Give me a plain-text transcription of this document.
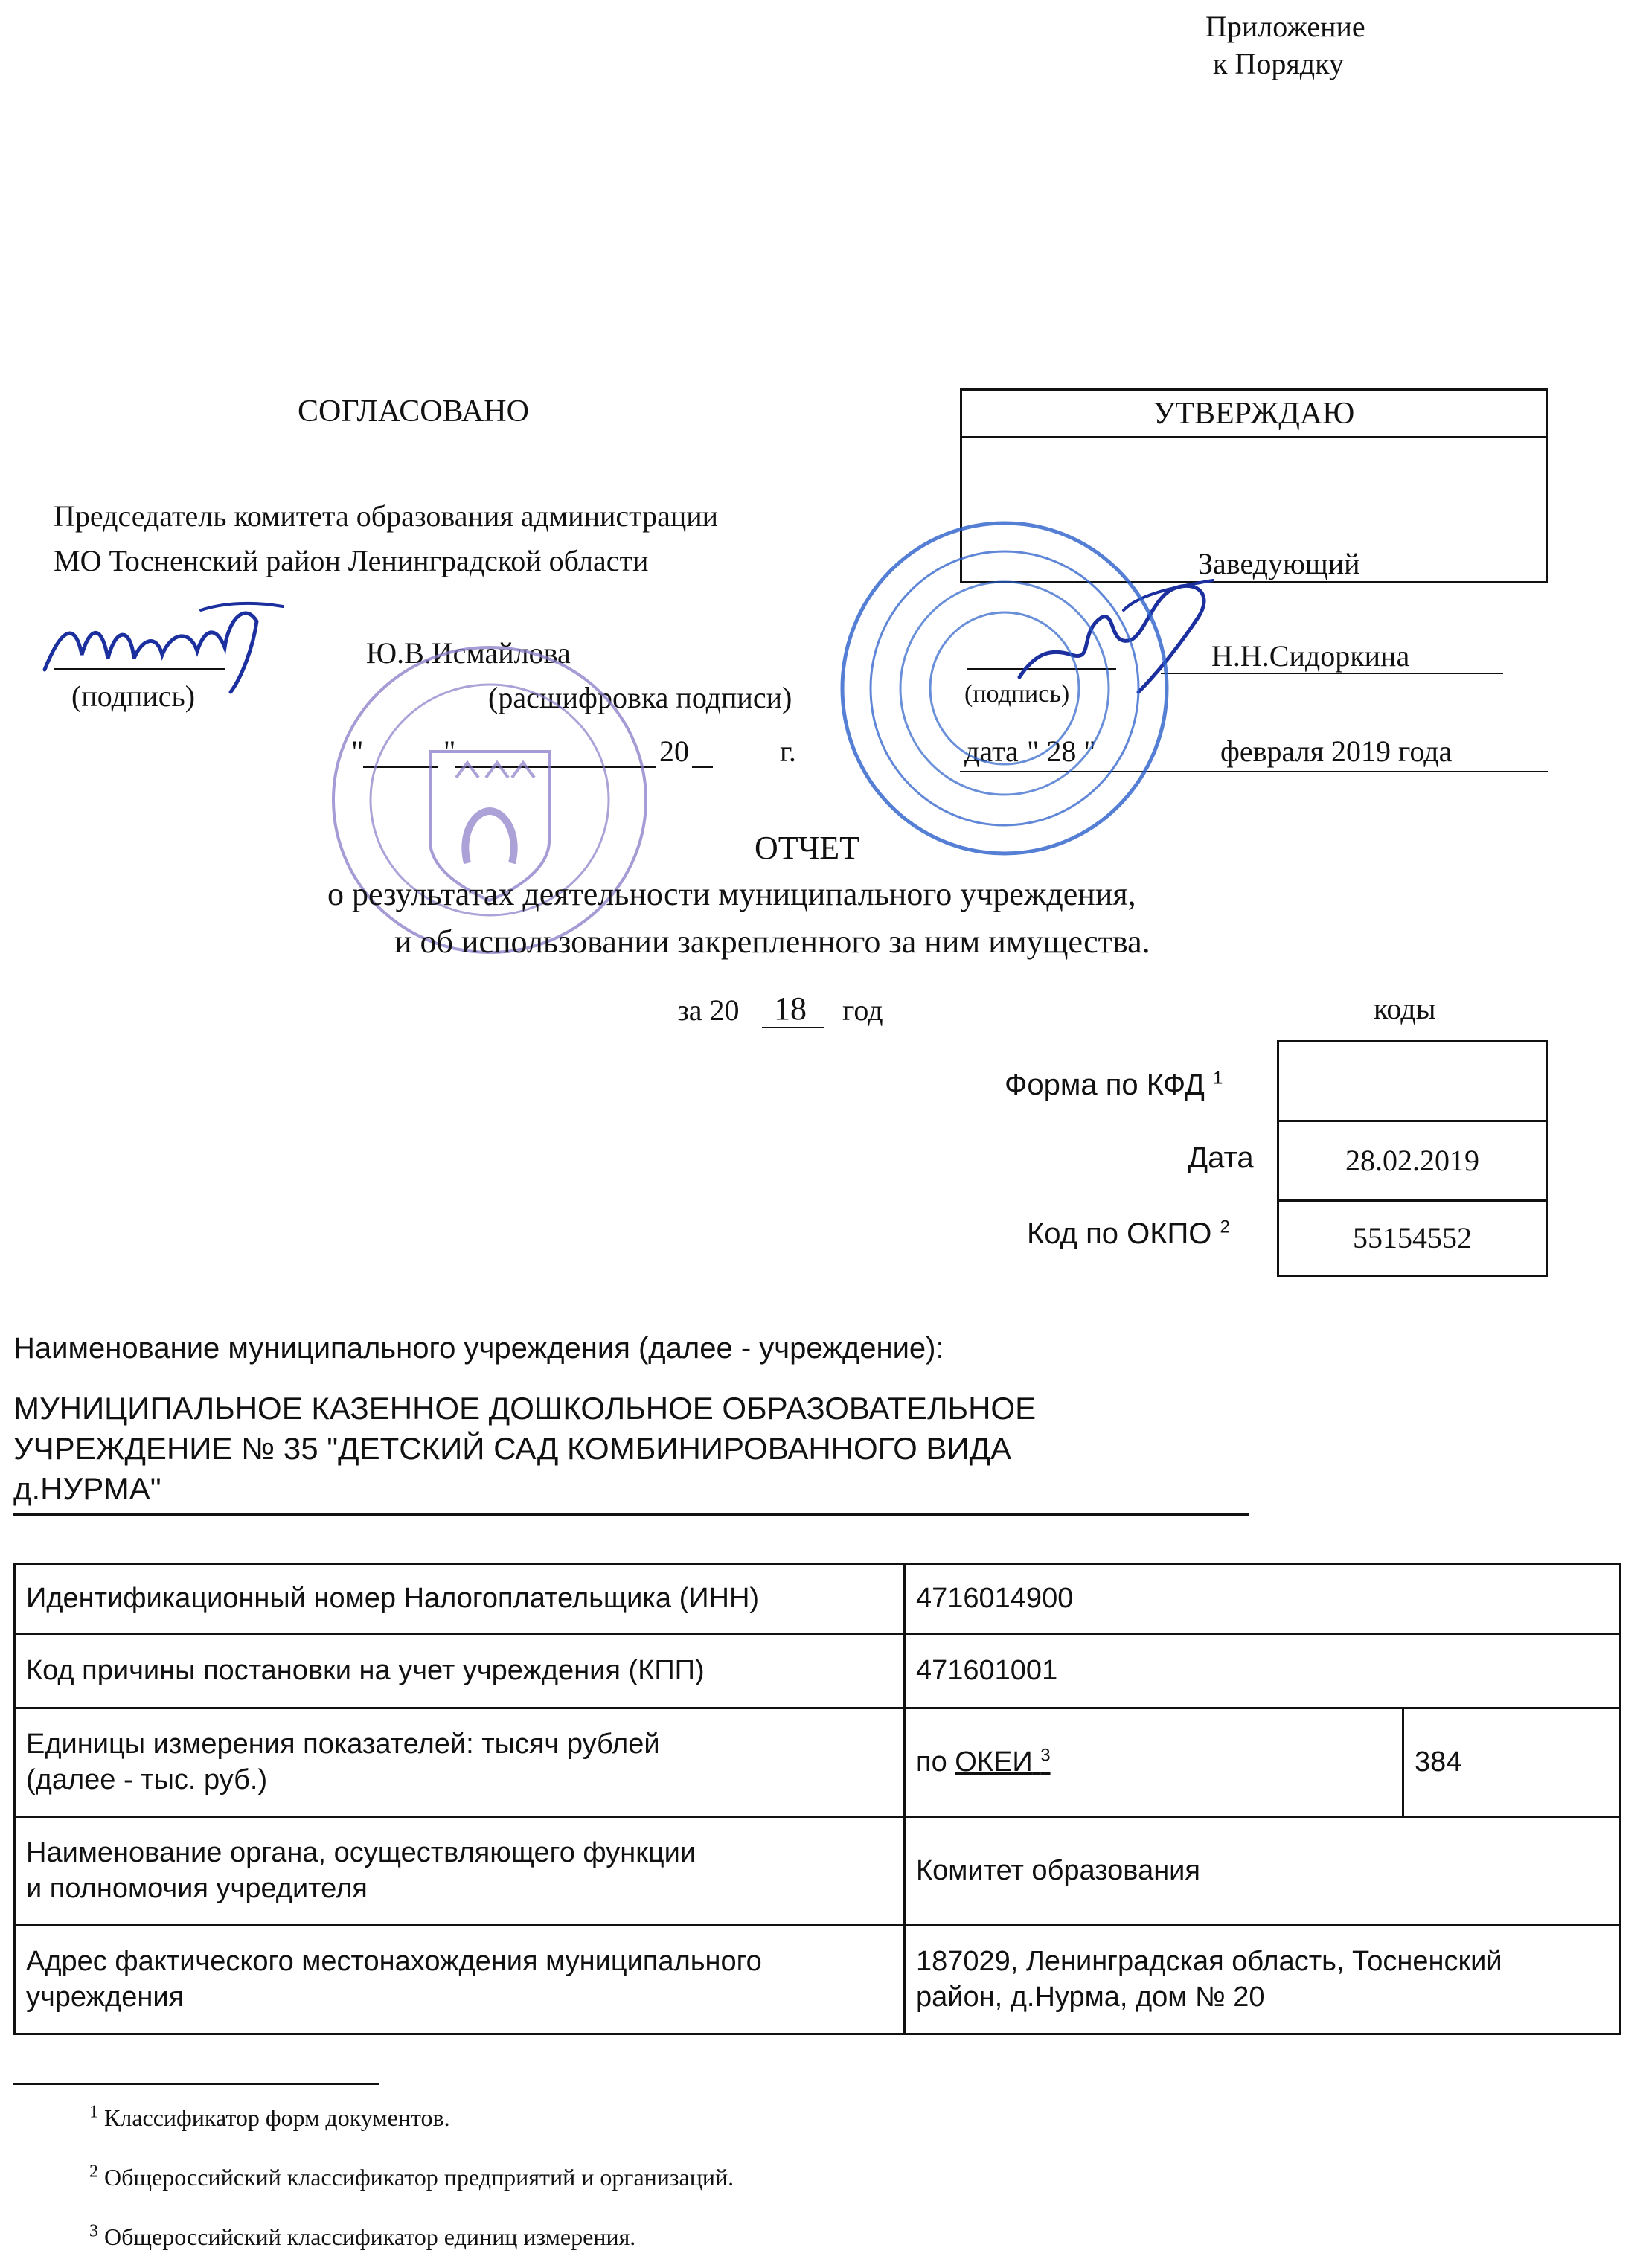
Приложение
к Порядку
СОГЛАСОВАНО
Председатель комитета образования администрации
МО Тосненский район Ленинградской области
(подпись)
Ю.В.Исмайлова
(расшифровка подписи)
"	"	20	г.
УТВЕРЖДАЮ
Заведующий
(подпись)
Н.Н.Сидоркина
дата " 28 "	февраля 2019 года
ОТЧЕТ
о результатах деятельности муниципального учреждения,
и об использовании закрепленного за ним имущества.
за 20 18 год	коды
Форма по КФД $^1$
Дата	28.02.2019
Код по ОКПО $^2$	55154552
Наименование муниципального учреждения (далее - учреждение):
МУНИЦИПАЛЬНОЕ КАЗЕННОЕ ДОШКОЛЬНОЕ ОБРАЗОВАТЕЛЬНОЕ
УЧРЕЖДЕНИЕ № 35 "ДЕТСКИЙ САД КОМБИНИРОВАННОГО ВИДА
д.НУРМА"
Идентификационный номер Налогоплательщика (ИНН)	4716014900	
Код причины постановки на учет учреждения (КПП)	471601001	
Единицы измерения показателей: тысяч рублей
(далее - тыс. руб.)	по ОКЕИ $^3$	384
Наименование органа, осуществляющего функции
и полномочия учредителя	Комитет образования	
Адрес фактического местонахождения муниципального
учреждения	187029, Ленинградская область, Тосненский
район, д.Нурма, дом № 20	
$^1$ Классификатор форм документов.
$^2$ Общероссийский классификатор предприятий и организаций.
$^3$ Общероссийский классификатор единиц измерения.
